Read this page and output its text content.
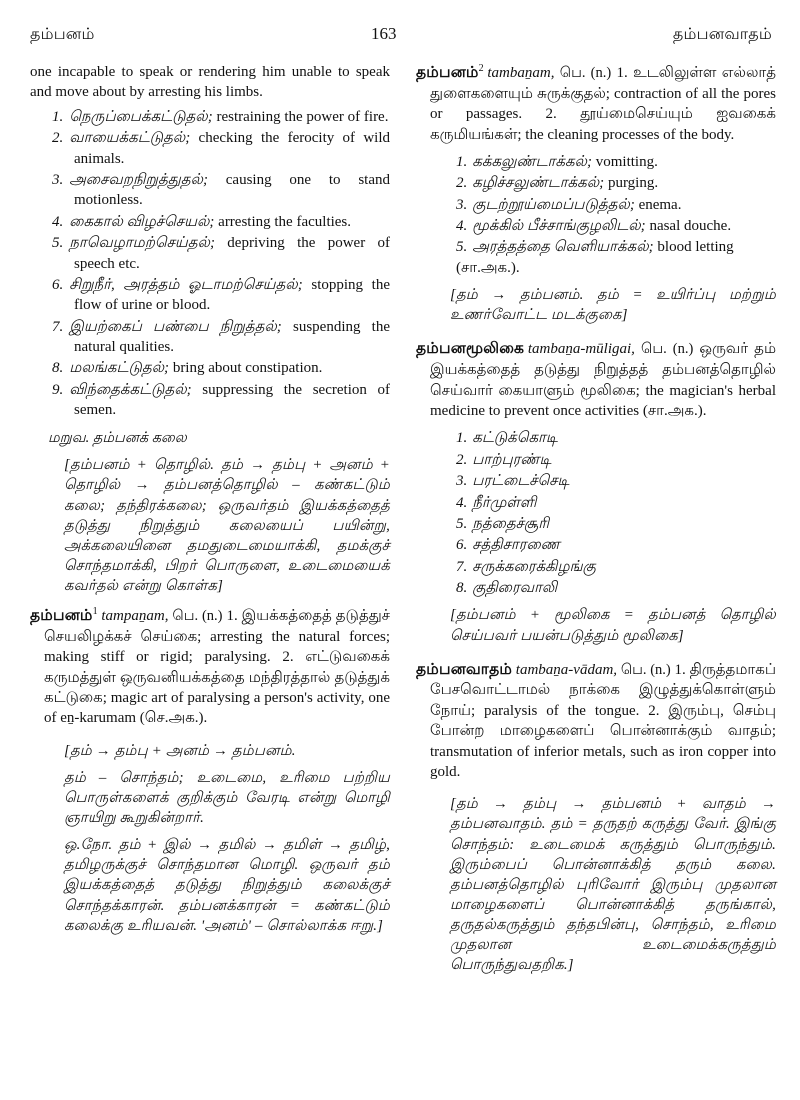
தம்பனம்	163	தம்பனவாதம்

one incapable to speak or rendering him unable to speak and move about by arresting his limbs.

1. நெருப்பைக்கட்டுதல்; restraining the power of fire.
2. வாயைக்கட்டுதல்; checking the ferocity of wild animals.
3. அசைவறநிறுத்துதல்; causing one to stand motionless.
4. கைகால் விழச்செயல்; arresting the faculties.
5. நாவெழாமற்செய்தல்; depriving the power of speech etc.
6. சிறுநீர், அரத்தம் ஓடாமற்செய்தல்; stopping the flow of urine or blood.
7. இயற்கைப் பண்பை நிறுத்தல்; suspending the natural qualities.
8. மலங்கட்டுதல்; bring about constipation.
9. விந்தைக்கட்டுதல்; suppressing the secretion of semen.

மறுவ. தம்பனக் கலை

[தம்பனம் + தொழில். தம் → தம்பு + அனம் + தொழில் → தம்பனத்தொழில் – கண்கட்டும் கலை; தந்திரக்கலை; ஒருவர்தம் இயக்கத்தைத் தடுத்து நிறுத்தும் கலையைப் பயின்று, அக்கலையினை தமதுடைமையாக்கி, தமக்குச் சொந்தமாக்கி, பிறர் பொருளை, உடைமையைக் கவர்தல் என்று கொள்க]

தம்பனம்$^1$  tampaṉam, பெ. (n.) 1. இயக்கத்தைத் தடுத்துச் செயலிழக்கச் செய்கை; arresting the natural forces; making stiff or rigid; paralysing. 2. எட்டுவகைக் கருமத்துள் ஒருவனியக்கத்தை மந்திரத்தால் தடுத்துக் கட்டுகை; magic art of paralysing a person's activity, one of eṉ-karumam (செ.அக.).

[தம் → தம்பு + அனம் → தம்பனம்.

தம் – சொந்தம்; உடைமை, உரிமை பற்றிய பொருள்களைக் குறிக்கும் வேரடி என்று மொழி ஞாயிறு கூறுகின்றார்.

ஒ.நோ. தம் + இல் → தமில் → தமிள் → தமிழ், தமிழருக்குச் சொந்தமான மொழி. ஒருவர் தம் இயக்கத்தைத் தடுத்து நிறுத்தும் கலைக்குச் சொந்தக்காரன். தம்பனக்காரன் = கண்கட்டும் கலைக்கு உரியவன். 'அனம்' – சொல்லாக்க ஈறு.]

தம்பனம்$^2$  tambaṉam, பெ. (n.) 1. உடலிலுள்ள எல்லாத் துளைகளையும் சுருக்குதல்; contraction of all the pores or passages. 2. தூய்மைசெய்யும் ஐவகைக் கருமியங்கள்; the cleaning processes of the body.

1. கக்கலுண்டாக்கல்; vomitting.
2. கழிச்சலுண்டாக்கல்; purging.
3. குடற்றூய்மைப்படுத்தல்; enema.
4. மூக்கில் பீச்சாங்குழலிடல்; nasal douche.
5. அரத்தத்தை வெளியாக்கல்; blood letting (சா.அக.).

[தம் → தம்பனம். தம் = உயிர்ப்பு மற்றும் உணர்வோட்ட மடக்குகை]

தம்பனமூலிகை  tambaṉa-mūligai, பெ. (n.) ஒருவர் தம் இயக்கத்தைத் தடுத்து நிறுத்தத் தம்பனத்தொழில் செய்வார் கையாளும் மூலிகை; the magician's herbal medicine to prevent once activities (சா.அக.).

1. கட்டுக்கொடி
2. பாற்புரண்டி
3. பரட்டைச்செடி
4. நீர்முள்ளி
5. நத்தைச்சூரி
6. சத்திசாரணை
7. சருக்கரைக்கிழங்கு
8. குதிரைவாலி

[தம்பனம் + மூலிகை = தம்பனத் தொழில் செய்பவர் பயன்படுத்தும் மூலிகை]

தம்பனவாதம்  tambaṉa-vādam, பெ. (n.) 1. திருத்தமாகப் பேசவொட்டாமல் நாக்கை இழுத்துக்கொள்ளும் நோய்; paralysis of the tongue. 2. இரும்பு, செம்பு போன்ற மாழைகளைப் பொன்னாக்கும் வாதம்; transmutation of inferior metals, such as iron copper into gold.

[தம் → தம்பு → தம்பனம் + வாதம் → தம்பனவாதம். தம் = தருதற் கருத்து வேர். இங்கு சொந்தம்: உடைமைக் கருத்தும் பொருந்தும். இரும்பைப் பொன்னாக்கித் தரும் கலை. தம்பனத்தொழில் புரிவோர் இரும்பு முதலான மாழைகளைப் பொன்னாக்கித் தருங்கால், தருதல்கருத்தும் தந்தபின்பு, சொந்தம், உரிமை முதலான உடைமைக்கருத்தும் பொருந்துவதறிக.]
